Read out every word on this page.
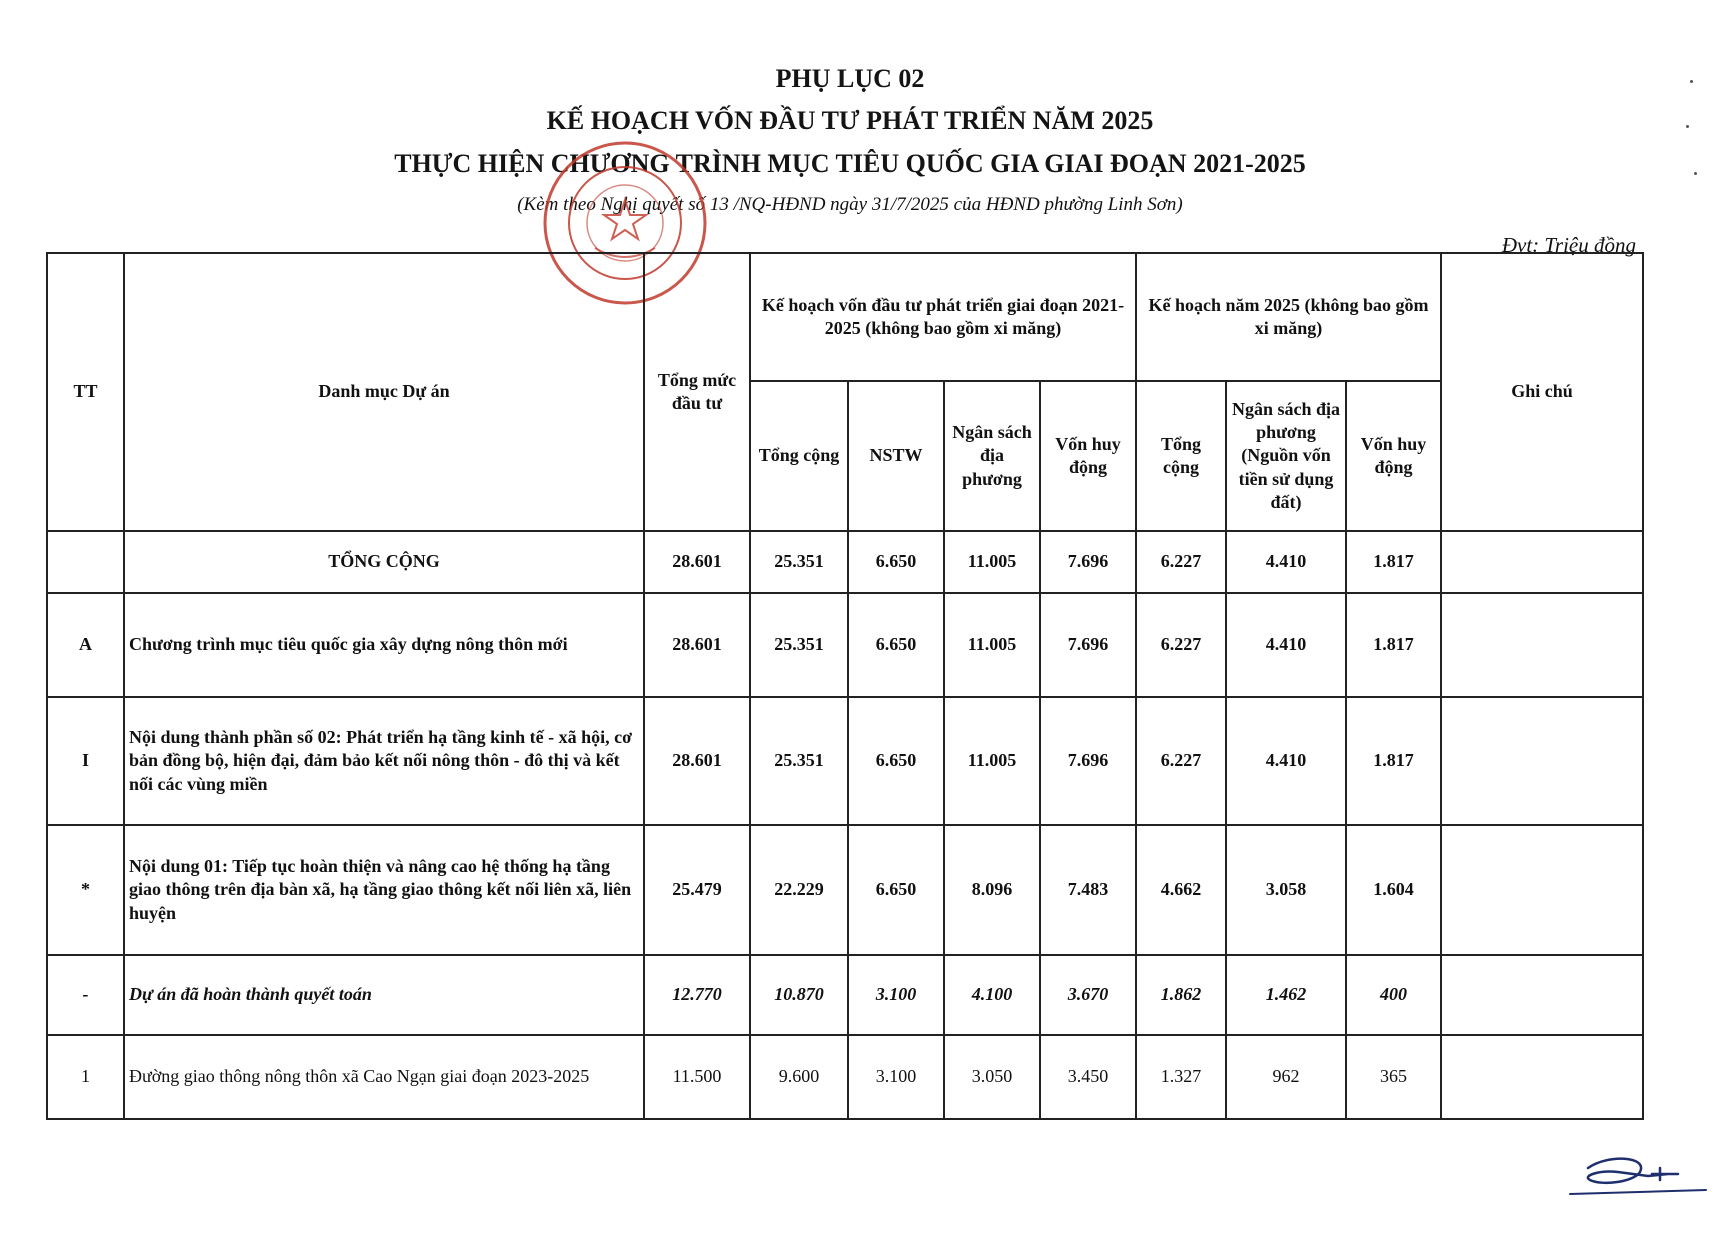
PHỤ LỤC 02
KẾ HOẠCH VỐN ĐẦU TƯ PHÁT TRIỂN NĂM 2025
THỰC HIỆN CHƯƠNG TRÌNH MỤC TIÊU QUỐC GIA GIAI ĐOẠN 2021-2025
(Kèm theo Nghị quyết số 13 /NQ-HĐND ngày 31/7/2025 của HĐND phường Linh Sơn)
Đvt: Triệu đồng
TT	Danh mục Dự án	Tổng mức đầu tư	Kế hoạch vốn đầu tư phát triển giai đoạn 2021-2025 (không bao gồm xi măng)				Kế hoạch năm 2025 (không bao gồm xi măng)			Ghi chú
			Tổng cộng	NSTW	Ngân sách địa phương	Vốn huy động	Tổng cộng	Ngân sách địa phương (Nguồn vốn tiền sử dụng đất)	Vốn huy động	
	TỔNG CỘNG	28.601	25.351	6.650	11.005	7.696	6.227	4.410	1.817	
A	Chương trình mục tiêu quốc gia xây dựng nông thôn mới	28.601	25.351	6.650	11.005	7.696	6.227	4.410	1.817	
I	Nội dung thành phần số 02: Phát triển hạ tầng kinh tế - xã hội, cơ bản đồng bộ, hiện đại, đảm bảo kết nối nông thôn - đô thị và kết nối các vùng miền	28.601	25.351	6.650	11.005	7.696	6.227	4.410	1.817	
*	Nội dung 01: Tiếp tục hoàn thiện và nâng cao hệ thống hạ tầng giao thông trên địa bàn xã, hạ tầng giao thông kết nối liên xã, liên huyện	25.479	22.229	6.650	8.096	7.483	4.662	3.058	1.604	
-	Dự án đã hoàn thành quyết toán	12.770	10.870	3.100	4.100	3.670	1.862	1.462	400	
1	Đường giao thông nông thôn xã Cao Ngạn giai đoạn 2023-2025	11.500	9.600	3.100	3.050	3.450	1.327	962	365	
